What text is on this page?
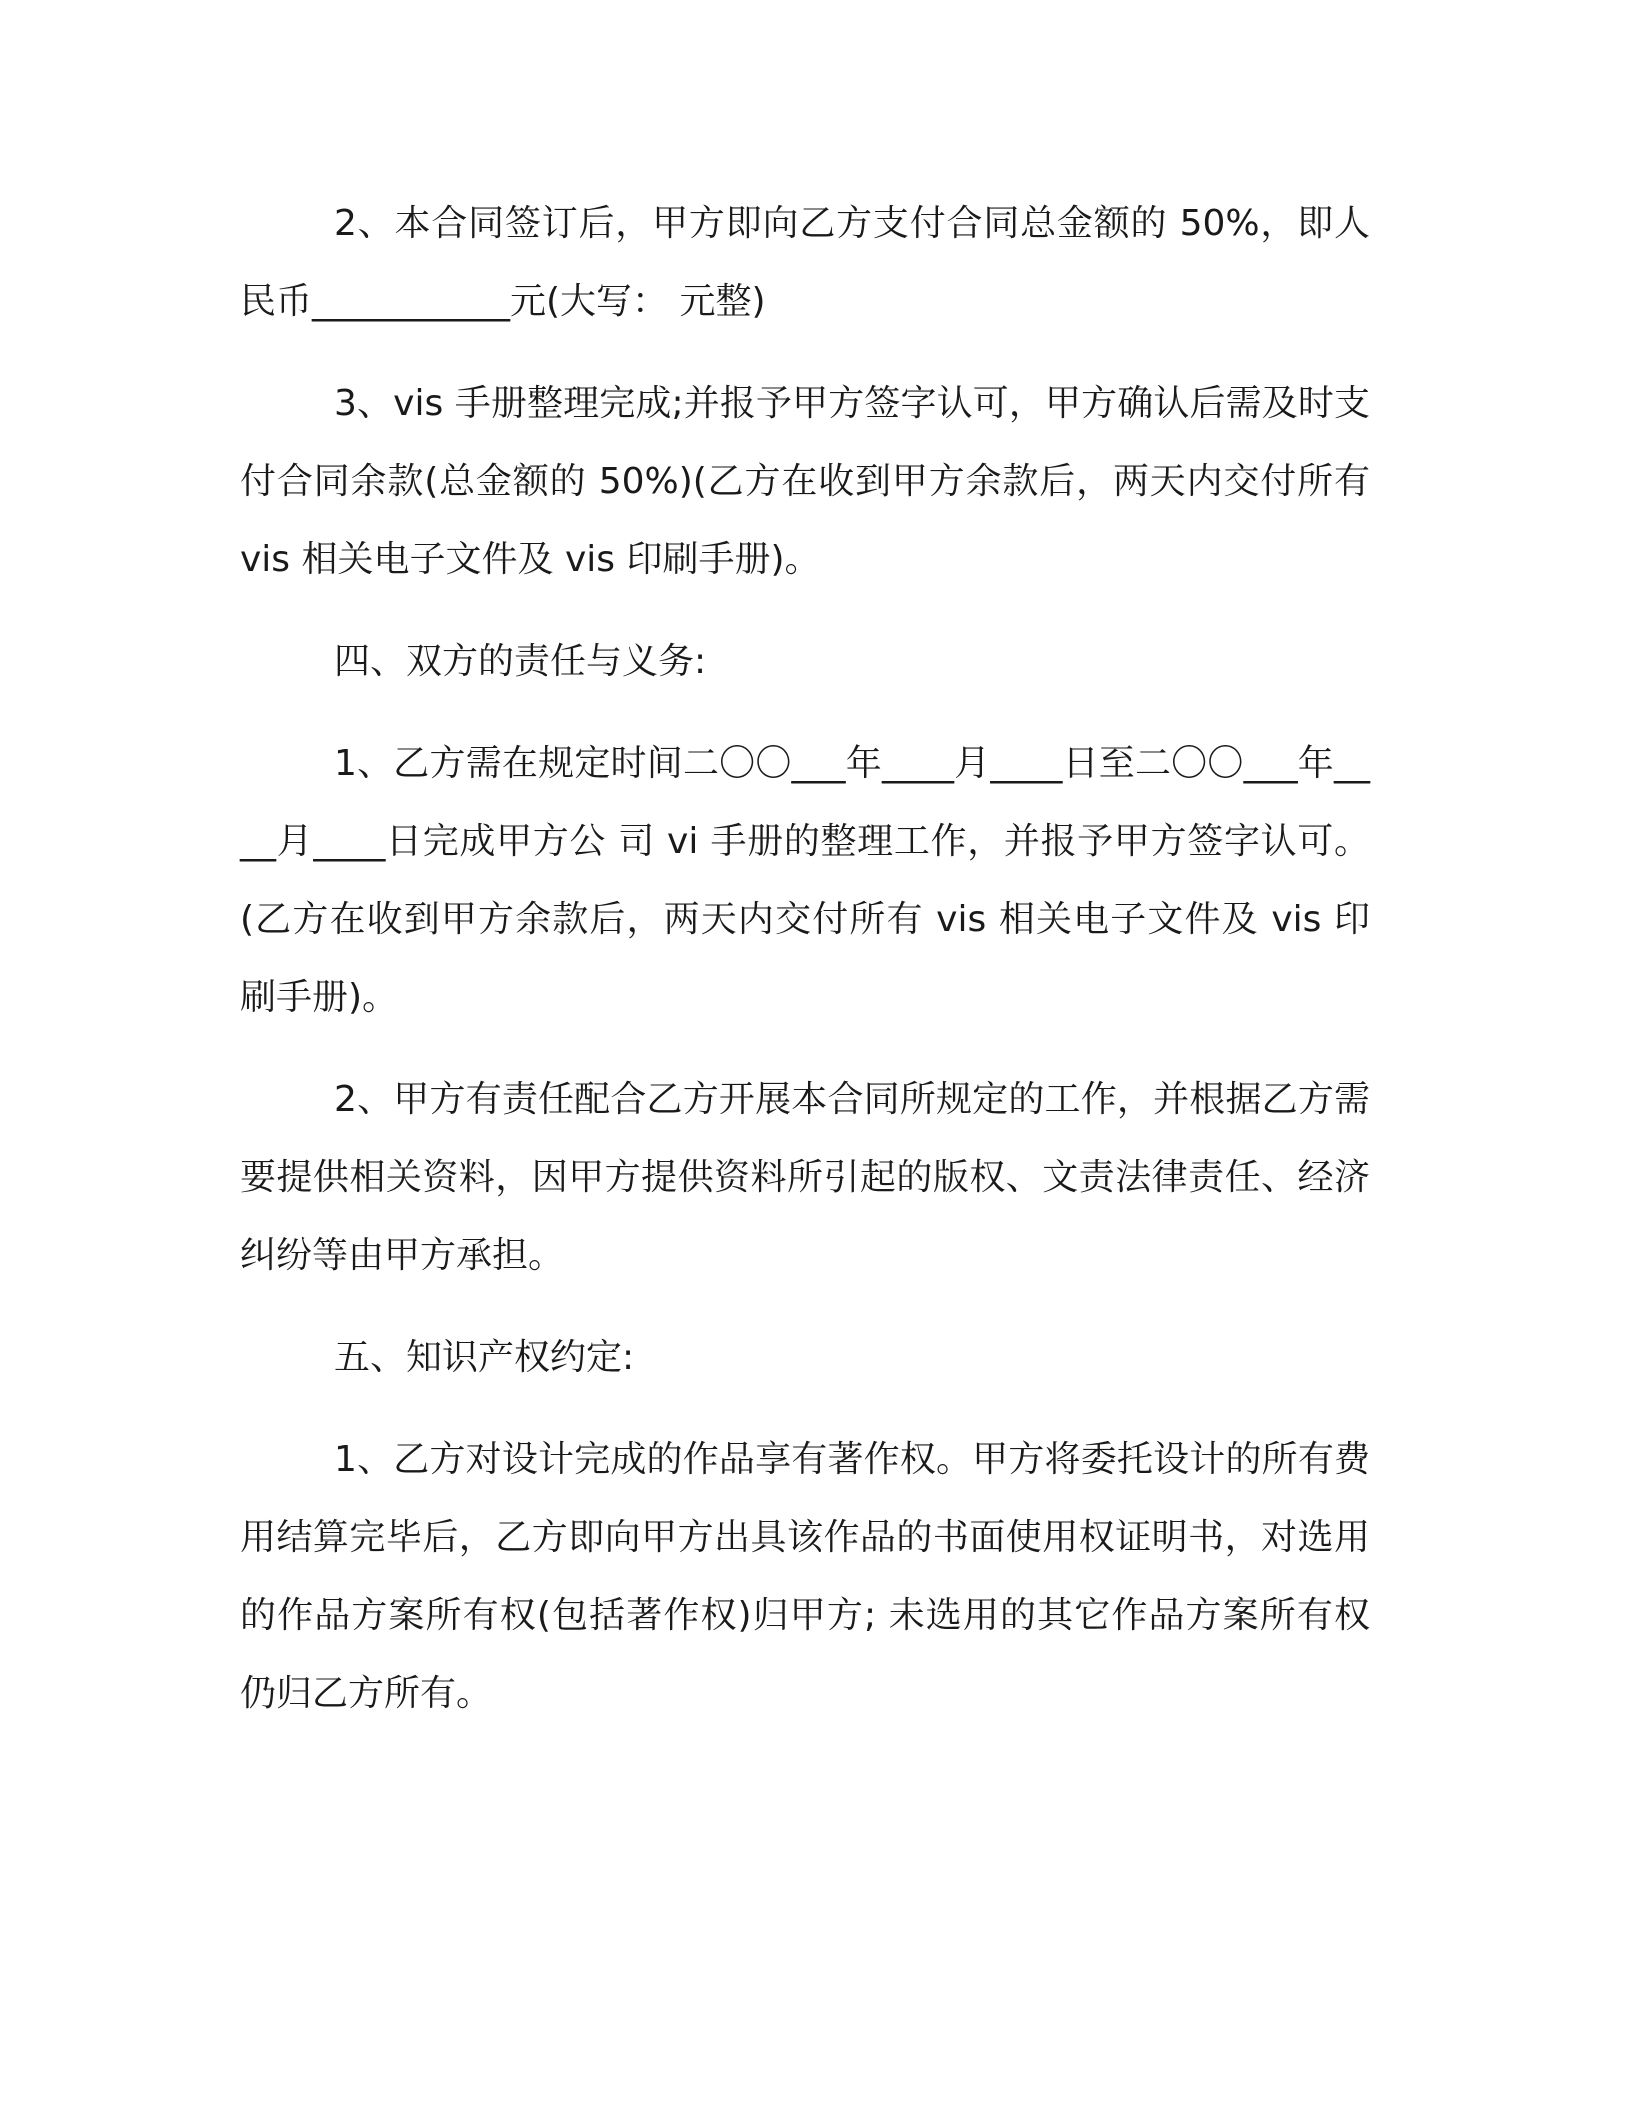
2、本合同签订后，甲方即向乙方支付合同总金额的 50%，即人民币___________元(大写： 元整)

3、vis 手册整理完成;并报予甲方签字认可，甲方确认后需及时支付合同余款(总金额的 50%)(乙方在收到甲方余款后，两天内交付所有 vis 相关电子文件及 vis 印刷手册)。

四、双方的责任与义务:

1、乙方需在规定时间二〇〇___年____月____日至二〇〇___年____月____日完成甲方公 司 vi 手册的整理工作，并报予甲方签字认可。(乙方在收到甲方余款后，两天内交付所有 vis 相关电子文件及 vis 印刷手册)。

2、甲方有责任配合乙方开展本合同所规定的工作，并根据乙方需要提供相关资料，因甲方提供资料所引起的版权、文责法律责任、经济纠纷等由甲方承担。

五、知识产权约定:

1、乙方对设计完成的作品享有著作权。甲方将委托设计的所有费用结算完毕后，乙方即向甲方出具该作品的书面使用权证明书，对选用的作品方案所有权(包括著作权)归甲方; 未选用的其它作品方案所有权仍归乙方所有。
